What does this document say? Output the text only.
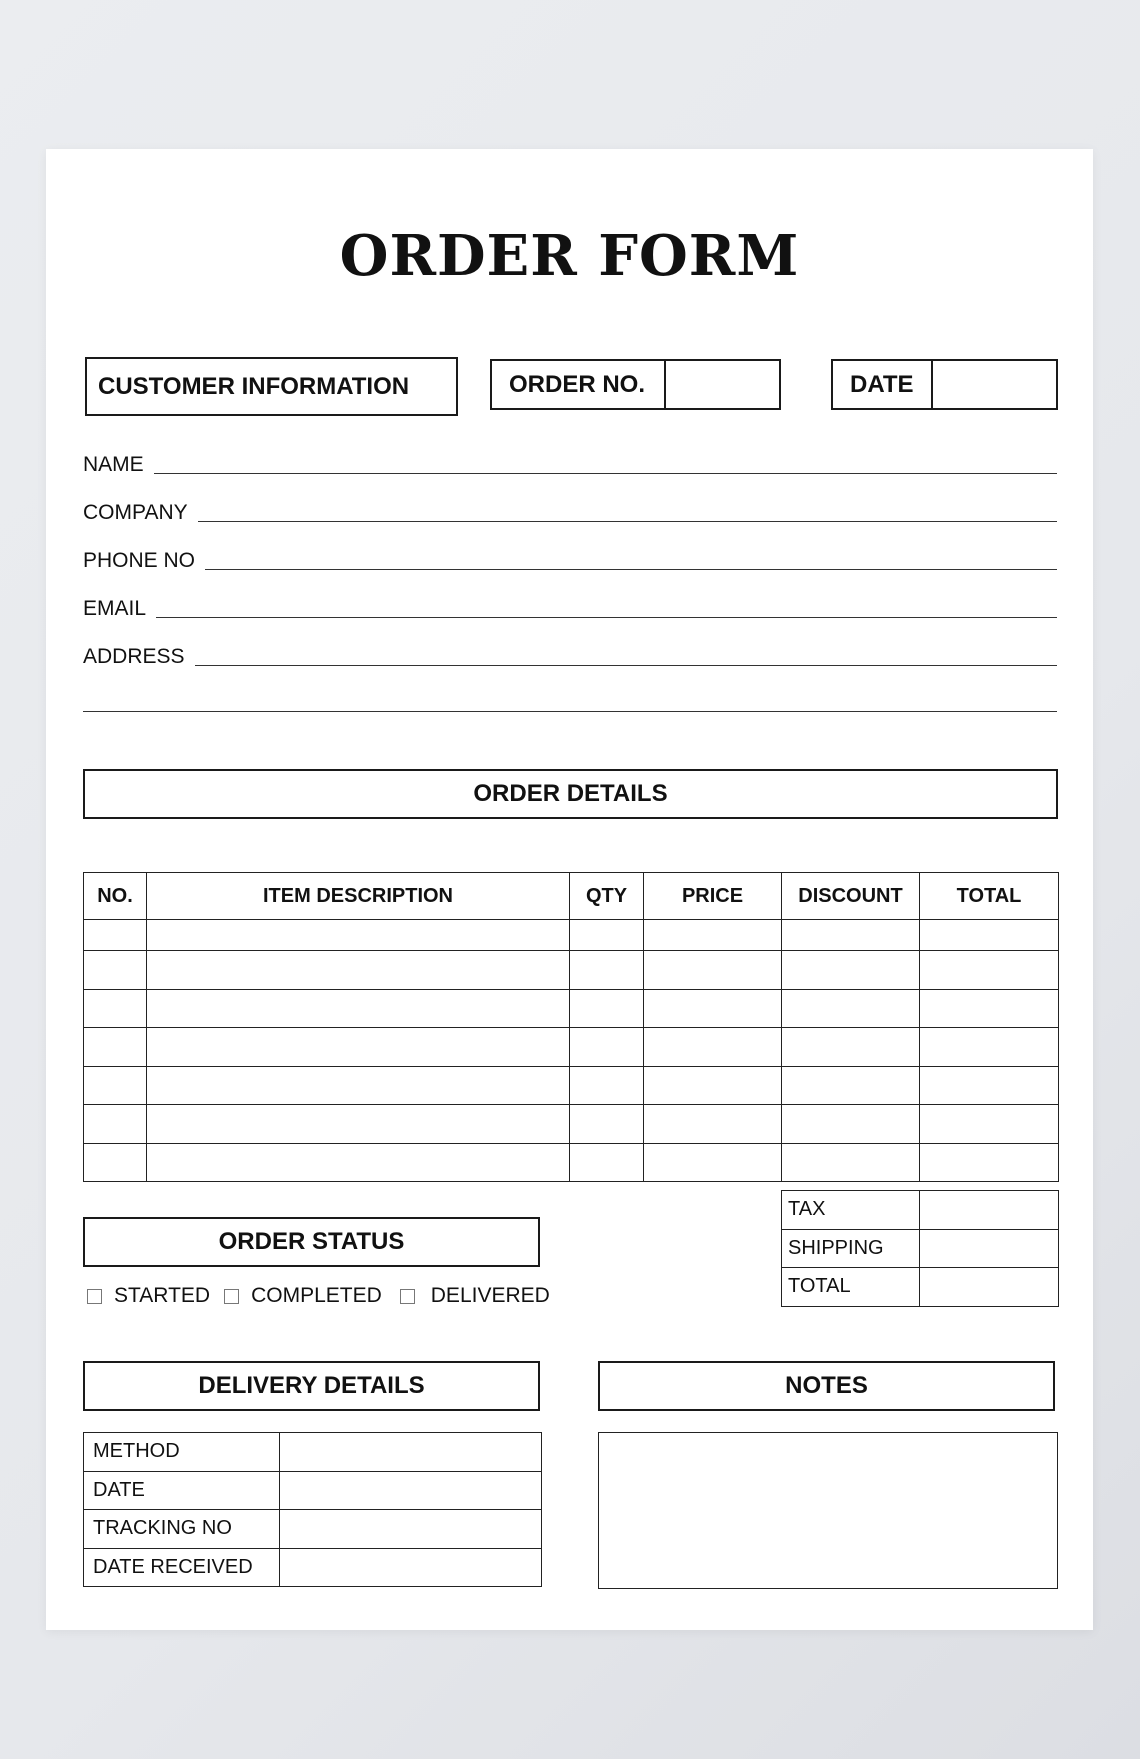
ORDER FORM
CUSTOMER INFORMATION	ORDER NO.	DATE
NAME
COMPANY
PHONE NO
EMAIL
ADDRESS
ORDER DETAILS
NO.	ITEM DESCRIPTION	QTY	PRICE	DISCOUNT	TOTAL

TAX	
SHIPPING	
TOTAL	
ORDER STATUS
STARTED COMPLETED DELIVERED
DELIVERY DETAILS
METHOD	
DATE	
TRACKING NO	
DATE RECEIVED	
NOTES
